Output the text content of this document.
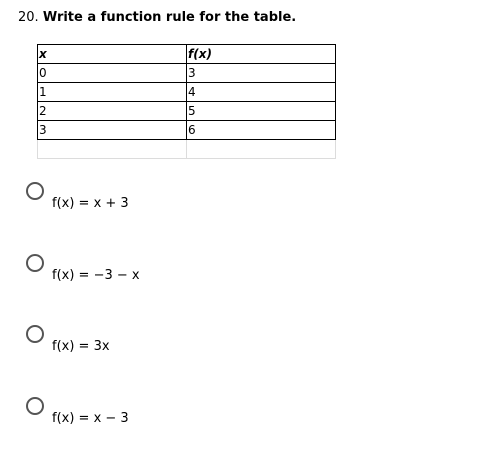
20. Write a function rule for the table.
x	f(x)
0	3
1	4
2	5
3	6

f(x) = x + 3
f(x) = −3 − x
f(x) = 3x
f(x) = x − 3
